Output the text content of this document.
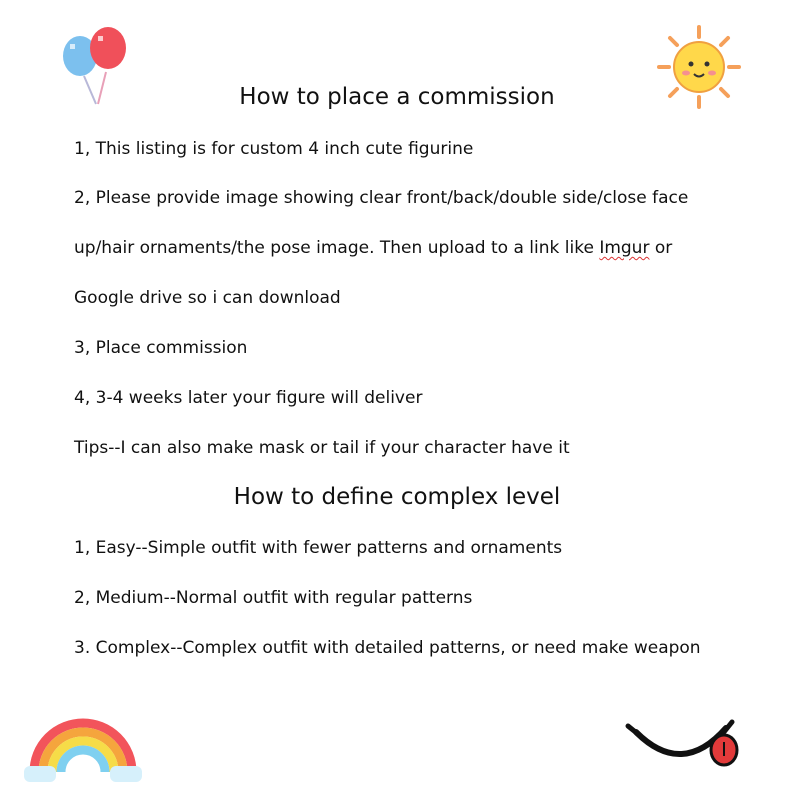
How to place a commission

1, This listing is for custom 4 inch cute figurine

2, Please provide image showing clear front/back/double side/close face

up/hair ornaments/the pose image. Then upload to a link like Imgur or

Google drive so i can download

3, Place commission

4, 3-4 weeks later your figure will deliver

Tips--I can also make mask or tail if your character have it

How to define complex level

1, Easy--Simple outfit with fewer patterns and ornaments

2, Medium--Normal outfit with regular patterns

3. Complex--Complex outfit with detailed patterns, or need make weapon
